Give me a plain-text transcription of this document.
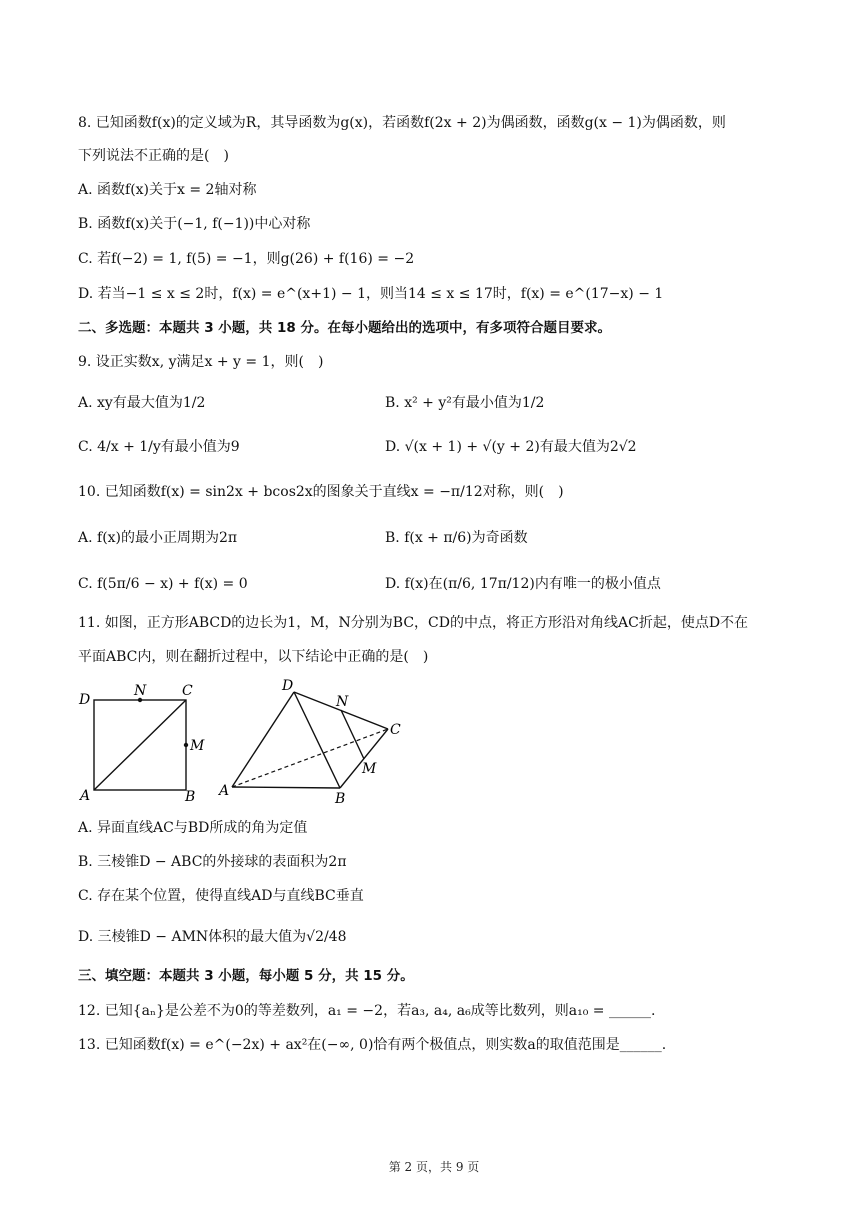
8. 已知函数f(x)的定义域为R，其导函数为g(x)，若函数f(2x + 2)为偶函数，函数g(x − 1)为偶函数，则
下列说法不正确的是(　)
A. 函数f(x)关于x = 2轴对称
B. 函数f(x)关于(−1, f(−1))中心对称
C. 若f(−2) = 1, f(5) = −1，则g(26) + f(16) = −2
D. 若当−1 ≤ x ≤ 2时，f(x) = e^(x+1) − 1，则当14 ≤ x ≤ 17时，f(x) = e^(17−x) − 1
二、多选题：本题共 3 小题，共 18 分。在每小题给出的选项中，有多项符合题目要求。
9. 设正实数x, y满足x + y = 1，则(　)
A. xy有最大值为1/2	B. x² + y²有最小值为1/2
C. 4/x + 1/y有最小值为9	D. √(x + 1) + √(y + 2)有最大值为2√2
10. 已知函数f(x) = sin2x + bcos2x的图象关于直线x = −π/12对称，则(　)
A. f(x)的最小正周期为2π	B. f(x + π/6)为奇函数
C. f(5π/6 − x) + f(x) = 0	D. f(x)在(π/6, 17π/12)内有唯一的极小值点
11. 如图，正方形ABCD的边长为1，M，N分别为BC，CD的中点，将正方形沿对角线AC折起，使点D不在
平面ABC内，则在翻折过程中，以下结论中正确的是(　)
D
N	C
M
A	B
D
N
C
M
A	B
A. 异面直线AC与BD所成的角为定值
B. 三棱锥D − ABC的外接球的表面积为2π
C. 存在某个位置，使得直线AD与直线BC垂直
D. 三棱锥D − AMN体积的最大值为√2/48
三、填空题：本题共 3 小题，每小题 5 分，共 15 分。
12. 已知{aₙ}是公差不为0的等差数列，a₁ = −2，若a₃, a₄, a₆成等比数列，则a₁₀ = ______.
13. 已知函数f(x) = e^(−2x) + ax²在(−∞, 0)恰有两个极值点，则实数a的取值范围是______.
第 2 页，共 9 页
